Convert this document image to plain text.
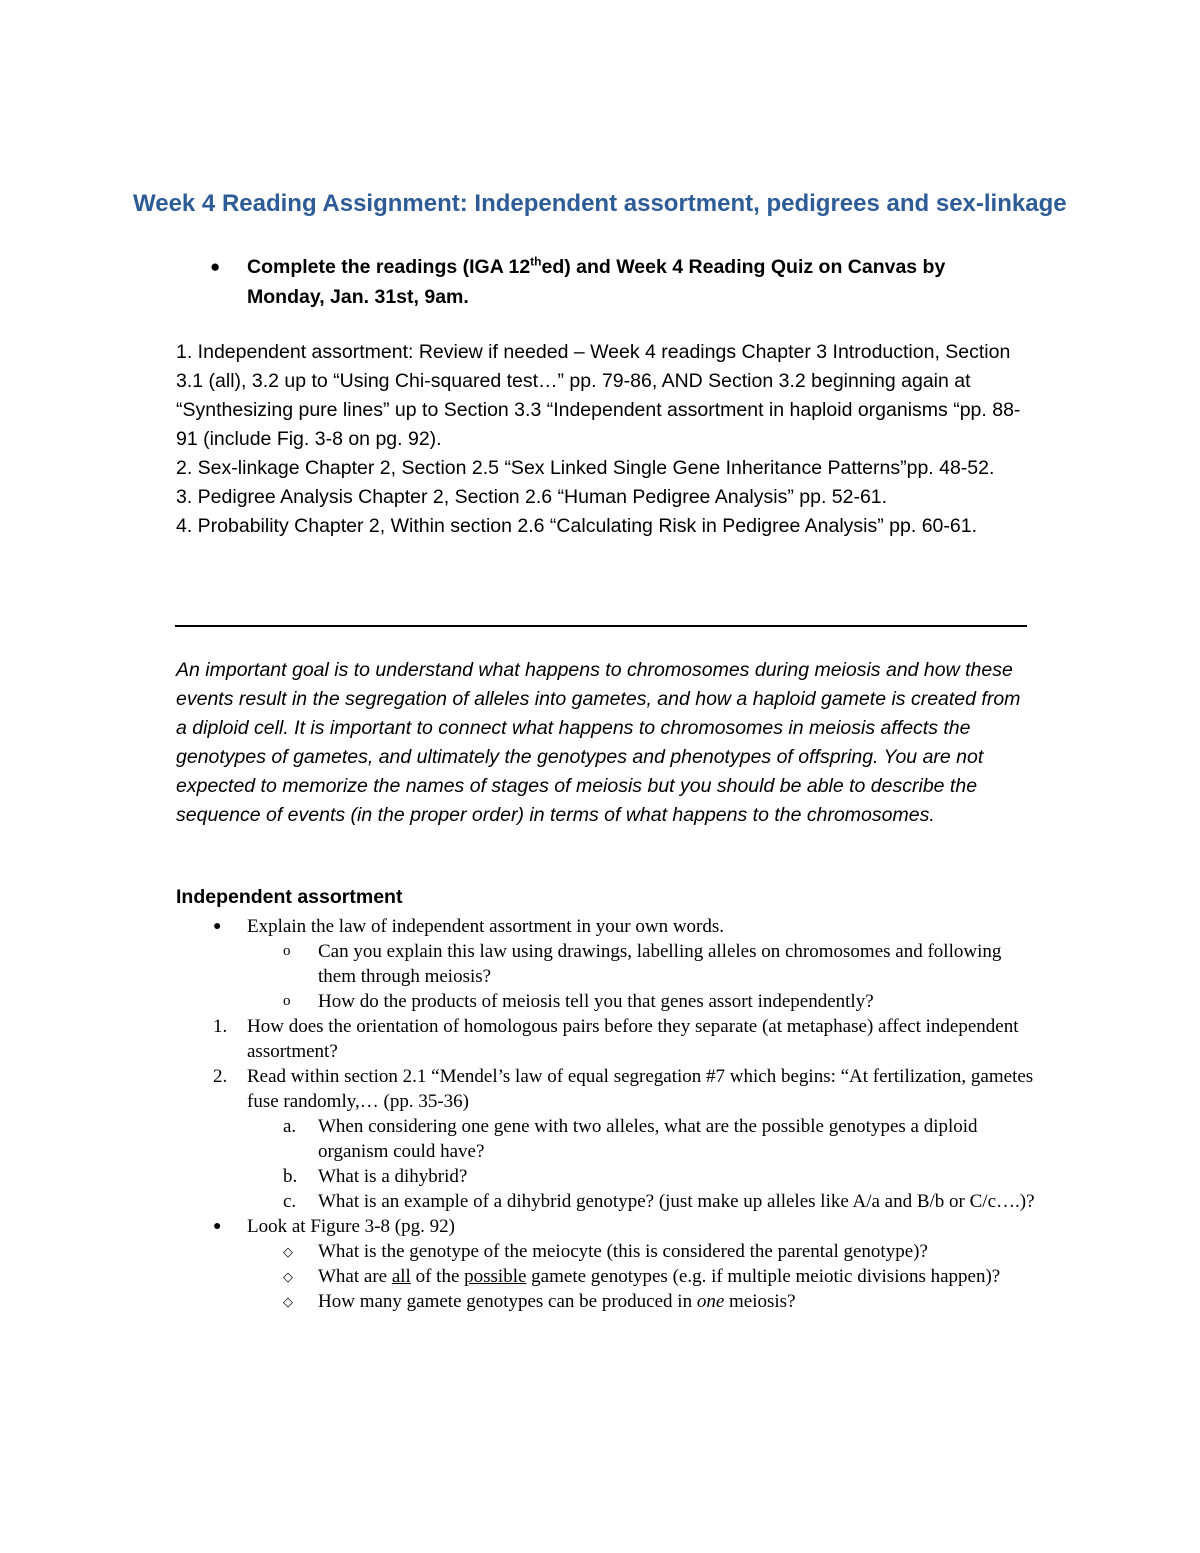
Week 4 Reading Assignment: Independent assortment, pedigrees and sex-linkage
● Complete the readings (IGA 12thed) and Week 4 Reading Quiz on Canvas by Monday, Jan. 31st, 9am.
1. Independent assortment: Review if needed – Week 4 readings Chapter 3 Introduction, Section 3.1 (all), 3.2 up to “Using Chi-squared test…” pp. 79-86, AND Section 3.2 beginning again at “Synthesizing pure lines” up to Section 3.3 “Independent assortment in haploid organisms “pp. 88-91 (include Fig. 3-8 on pg. 92).
2. Sex-linkage Chapter 2, Section 2.5 “Sex Linked Single Gene Inheritance Patterns”pp. 48-52.
3. Pedigree Analysis Chapter 2, Section 2.6 “Human Pedigree Analysis” pp. 52-61.
4. Probability Chapter 2, Within section 2.6 “Calculating Risk in Pedigree Analysis” pp. 60-61.
An important goal is to understand what happens to chromosomes during meiosis and how these events result in the segregation of alleles into gametes, and how a haploid gamete is created from a diploid cell. It is important to connect what happens to chromosomes in meiosis affects the genotypes of gametes, and ultimately the genotypes and phenotypes of offspring. You are not expected to memorize the names of stages of meiosis but you should be able to describe the sequence of events (in the proper order) in terms of what happens to the chromosomes.
Independent assortment
● Explain the law of independent assortment in your own words.
o Can you explain this law using drawings, labelling alleles on chromosomes and following them through meiosis?
o How do the products of meiosis tell you that genes assort independently?
1. How does the orientation of homologous pairs before they separate (at metaphase) affect independent assortment?
2. Read within section 2.1 “Mendel’s law of equal segregation #7 which begins: “At fertilization, gametes fuse randomly,… (pp. 35-36)
a. When considering one gene with two alleles, what are the possible genotypes a diploid organism could have?
b. What is a dihybrid?
c. What is an example of a dihybrid genotype? (just make up alleles like A/a and B/b or C/c….)?
● Look at Figure 3-8 (pg. 92)
◇ What is the genotype of the meiocyte (this is considered the parental genotype)?
◇ What are all of the possible gamete genotypes (e.g. if multiple meiotic divisions happen)?
◇ How many gamete genotypes can be produced in one meiosis?
